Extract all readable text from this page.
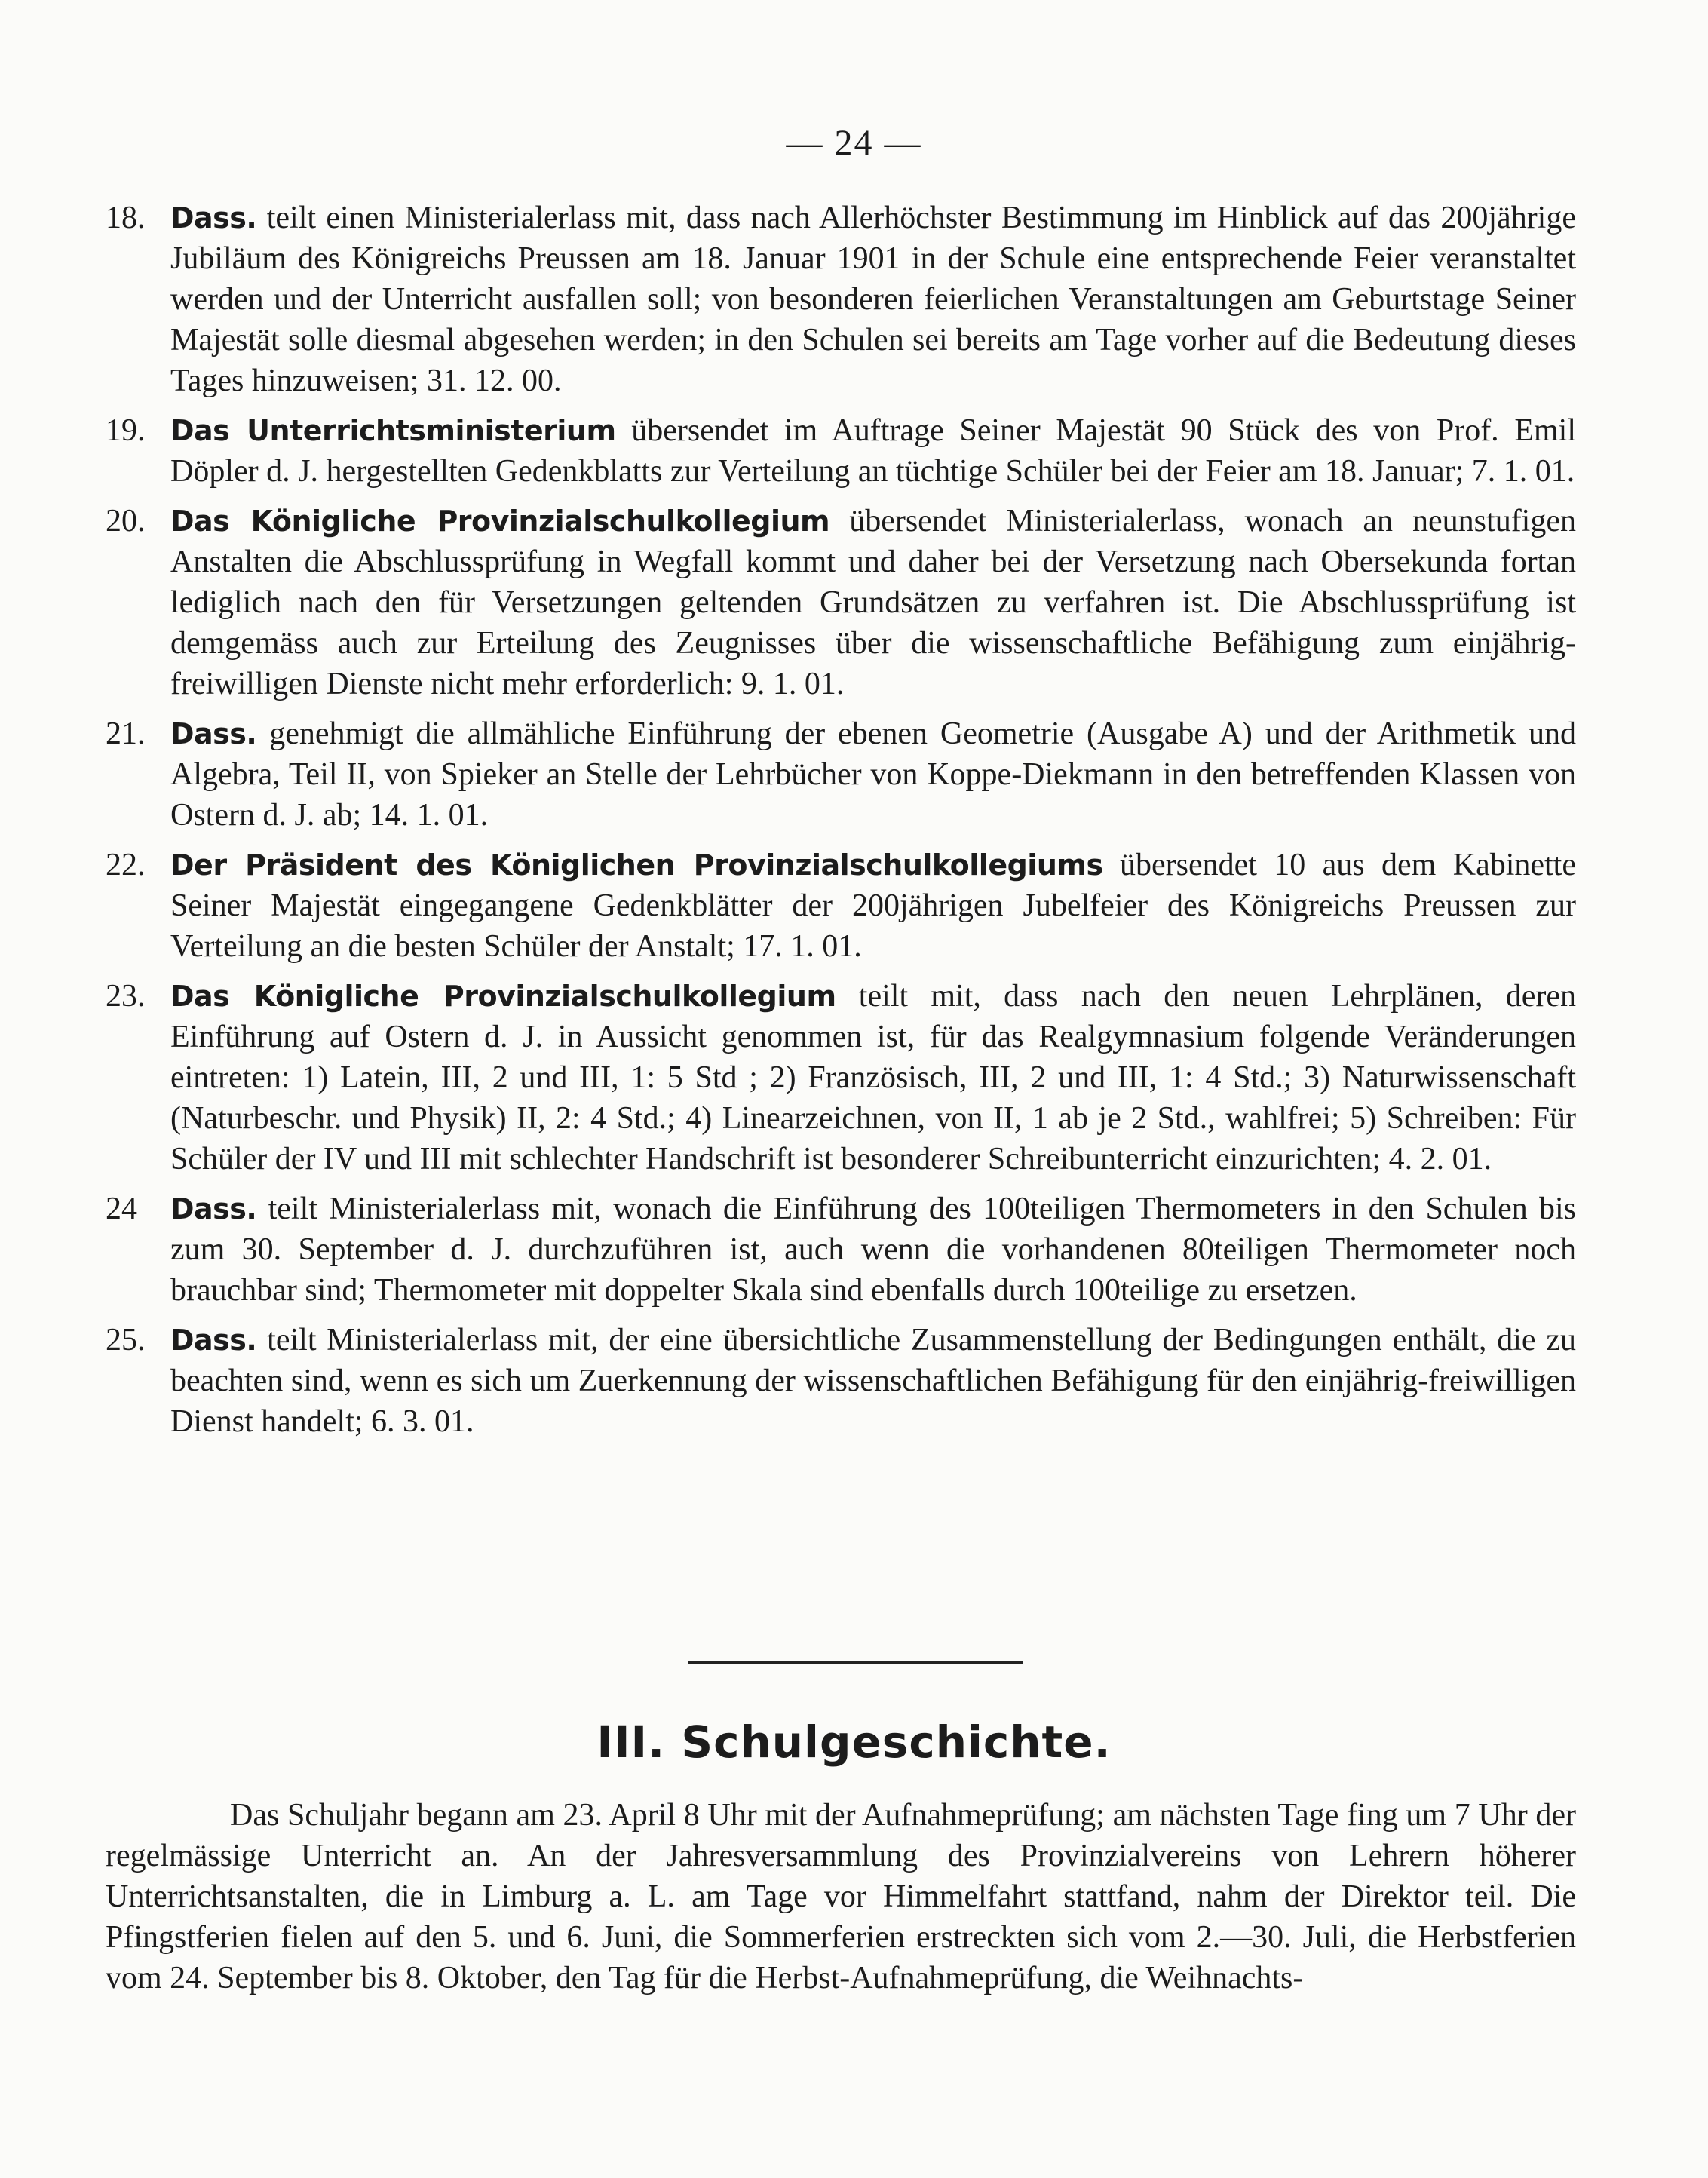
— 24 —
18. Dass. teilt einen Ministerialerlass mit, dass nach Allerhöchster Bestimmung im Hinblick auf das 200jährige Jubiläum des Königreichs Preussen am 18. Januar 1901 in der Schule eine entsprechende Feier veranstaltet werden und der Unterricht ausfallen soll; von besonderen feierlichen Veranstaltungen am Geburtstage Seiner Majestät solle diesmal abgesehen werden; in den Schulen sei bereits am Tage vorher auf die Bedeutung dieses Tages hinzuweisen; 31. 12. 00.
19. Das Unterrichtsministerium übersendet im Auftrage Seiner Majestät 90 Stück des von Prof. Emil Döpler d. J. hergestellten Gedenkblatts zur Verteilung an tüchtige Schüler bei der Feier am 18. Januar; 7. 1. 01.
20. Das Königliche Provinzialschulkollegium übersendet Ministerialerlass, wonach an neunstufigen Anstalten die Abschlussprüfung in Wegfall kommt und daher bei der Versetzung nach Obersekunda fortan lediglich nach den für Versetzungen geltenden Grundsätzen zu verfahren ist. Die Abschlussprüfung ist demgemäss auch zur Erteilung des Zeugnisses über die wissenschaftliche Befähigung zum einjährig-freiwilligen Dienste nicht mehr erforderlich: 9. 1. 01.
21. Dass. genehmigt die allmähliche Einführung der ebenen Geometrie (Ausgabe A) und der Arithmetik und Algebra, Teil II, von Spieker an Stelle der Lehrbücher von Koppe-Diekmann in den betreffenden Klassen von Ostern d. J. ab; 14. 1. 01.
22. Der Präsident des Königlichen Provinzialschulkollegiums übersendet 10 aus dem Kabinette Seiner Majestät eingegangene Gedenkblätter der 200jährigen Jubelfeier des Königreichs Preussen zur Verteilung an die besten Schüler der Anstalt; 17. 1. 01.
23. Das Königliche Provinzialschulkollegium teilt mit, dass nach den neuen Lehrplänen, deren Einführung auf Ostern d. J. in Aussicht genommen ist, für das Realgymnasium folgende Veränderungen eintreten: 1) Latein, III, 2 und III, 1: 5 Std ; 2) Französisch, III, 2 und III, 1: 4 Std.; 3) Naturwissenschaft (Naturbeschr. und Physik) II, 2: 4 Std.; 4) Linearzeichnen, von II, 1 ab je 2 Std., wahlfrei; 5) Schreiben: Für Schüler der IV und III mit schlechter Handschrift ist besonderer Schreibunterricht einzurichten; 4. 2. 01.
24	Dass. teilt Ministerialerlass mit, wonach die Einführung des 100teiligen Thermometers in den Schulen bis zum 30. September d. J. durchzuführen ist, auch wenn die vorhandenen 80teiligen Thermometer noch brauchbar sind; Thermometer mit doppelter Skala sind ebenfalls durch 100teilige zu ersetzen.
25. Dass. teilt Ministerialerlass mit, der eine übersichtliche Zusammenstellung der Bedingungen enthält, die zu beachten sind, wenn es sich um Zuerkennung der wissenschaftlichen Befähigung für den einjährig-freiwilligen Dienst handelt; 6. 3. 01.
III. Schulgeschichte.

Das Schuljahr begann am 23. April 8 Uhr mit der Aufnahmeprüfung; am nächsten Tage fing um 7 Uhr der regelmässige Unterricht an. An der Jahresversammlung des Provinzialvereins von Lehrern höherer Unterrichtsanstalten, die in Limburg a. L. am Tage vor Himmelfahrt stattfand, nahm der Direktor teil. Die Pfingstferien fielen auf den 5. und 6. Juni, die Sommerferien erstreckten sich vom 2.—30. Juli, die Herbstferien vom 24. September bis 8. Oktober, den Tag für die Herbst-Aufnahmeprüfung, die Weihnachts-
